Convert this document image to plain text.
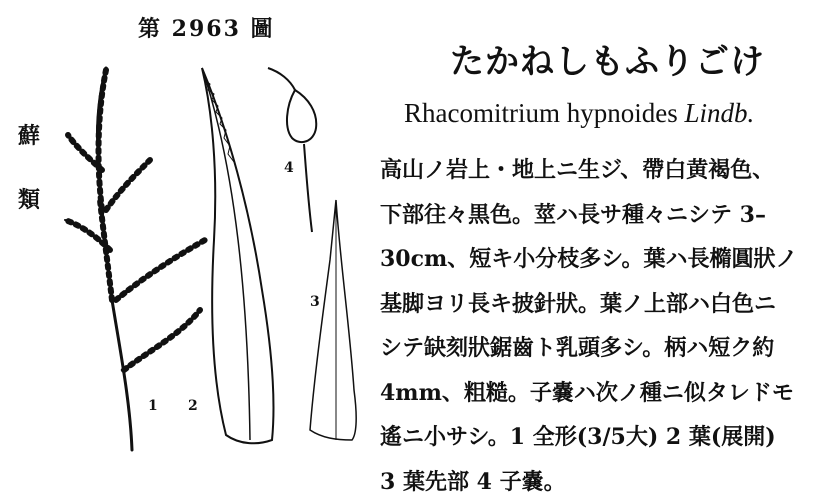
第 2963 圖
蘚
類
1 2
3
4
たかねしもふりごけ
Rhacomitrium hypnoides Lindb.
高山ノ岩上・地上ニ生ジ、帶白黄褐色、
下部往々黒色。莖ハ長サ種々ニシテ 3–
30cm、短キ小分枝多シ。葉ハ長橢圓狀ノ
基脚ヨリ長キ披針狀。葉ノ上部ハ白色ニ
シテ缺刻狀鋸齒ト乳頭多シ。柄ハ短ク約
4mm、粗糙。子嚢ハ次ノ種ニ似タレドモ
遙ニ小サシ。1 全形(3/5大) 2 葉(展開)
3 葉先部 4 子嚢。
